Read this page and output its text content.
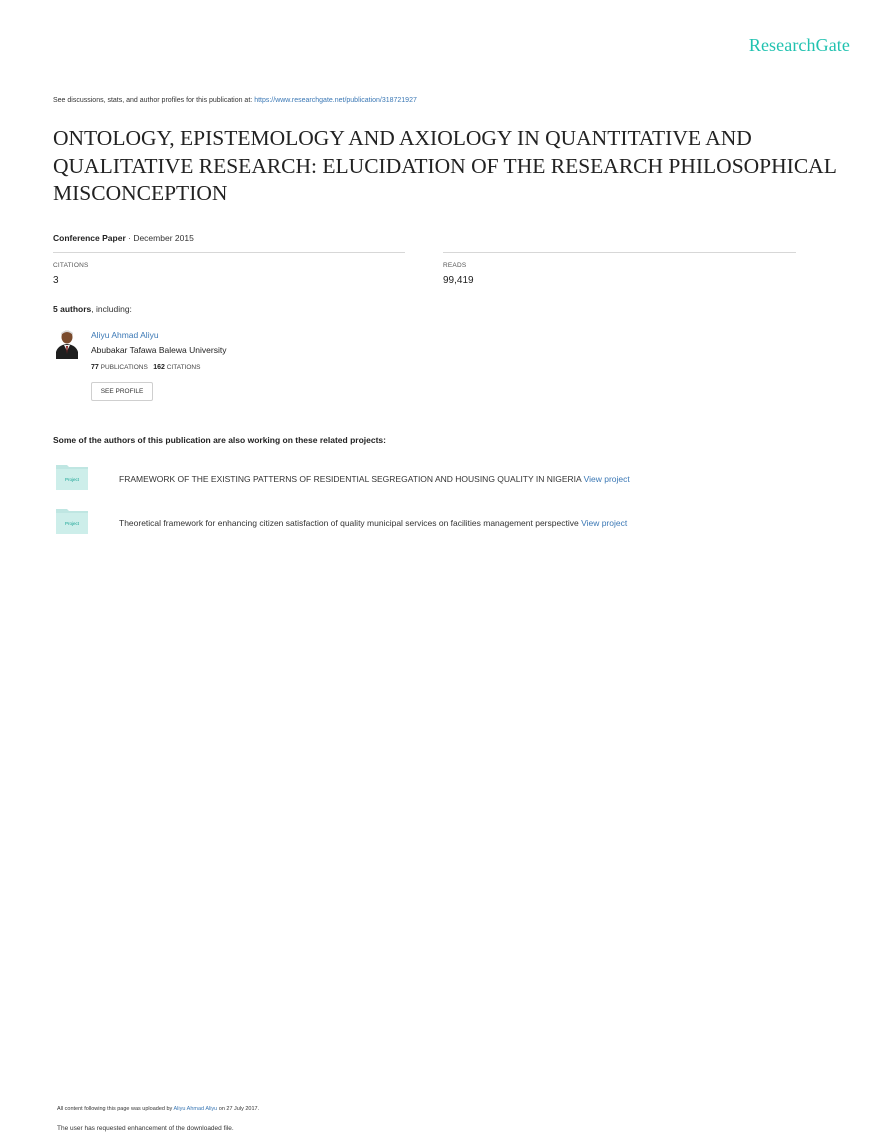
ResearchGate
See discussions, stats, and author profiles for this publication at: https://www.researchgate.net/publication/318721927
ONTOLOGY, EPISTEMOLOGY AND AXIOLOGY IN QUANTITATIVE AND QUALITATIVE RESEARCH: ELUCIDATION OF THE RESEARCH PHILOSOPHICAL MISCONCEPTION
Conference Paper · December 2015
CITATIONS
3
READS
99,419
5 authors, including:
Aliyu Ahmad Aliyu
Abubakar Tafawa Balewa University
77 PUBLICATIONS 162 CITATIONS
SEE PROFILE
Some of the authors of this publication are also working on these related projects:
Project	FRAMEWORK OF THE EXISTING PATTERNS OF RESIDENTIAL SEGREGATION AND HOUSING QUALITY IN NIGERIA View project
Project	Theoretical framework for enhancing citizen satisfaction of quality municipal services on facilities management perspective View project
All content following this page was uploaded by Aliyu Ahmad Aliyu on 27 July 2017.
The user has requested enhancement of the downloaded file.
